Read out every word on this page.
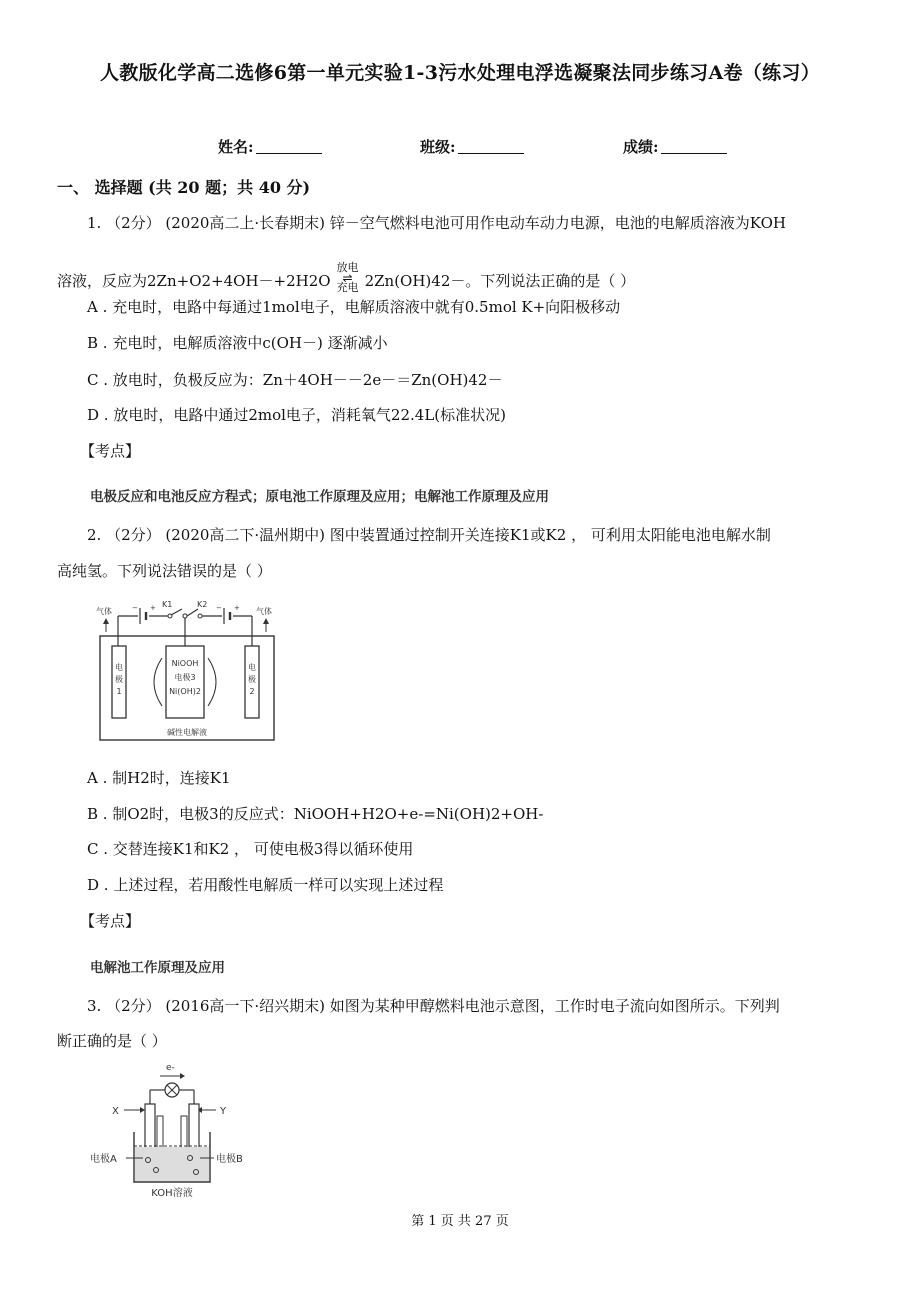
人教版化学高二选修6第一单元实验1-3污水处理电浮选凝聚法同步练习A卷（练习）
姓名:	班级:	成绩:
一、 选择题 (共 20 题；共 40 分)
1. （2分） (2020高二上·长春期末) 锌－空气燃料电池可用作电动车动力电源，电池的电解质溶液为KOH
溶液，反应为2Zn+O2+4OH－+2H2O
放电
⇌
充电 2Zn(OH)42－。下列说法正确的是（ ）
A . 充电时，电路中每通过1mol电子，电解质溶液中就有0.5mol K+向阳极移动
B . 充电时，电解质溶液中c(OH－) 逐渐减小
C . 放电时，负极反应为：Zn＋4OH－－2e－＝Zn(OH)42－
D . 放电时，电路中通过2mol电子，消耗氧气22.4L(标准状况)
【考点】
电极反应和电池反应方程式；原电池工作原理及应用；电解池工作原理及应用
2. （2分） (2020高二下·温州期中) 图中装置通过控制开关连接K1或K2 ， 可利用太阳能电池电解水制
高纯氢。下列说法错误的是（ ）
− +	− +
K1	K2
气体	气体
电
极
1
NiOOH
电极3
Ni(OH)2
电
极
2
碱性电解液
A . 制H2时，连接K1
B . 制O2时，电极3的反应式：NiOOH+H2O+e-=Ni(OH)2+OH-
C . 交替连接K1和K2 ， 可使电极3得以循环使用
D . 上述过程，若用酸性电解质一样可以实现上述过程
【考点】
电解池工作原理及应用
3. （2分） (2016高一下·绍兴期末) 如图为某种甲醇燃料电池示意图，工作时电子流向如图所示。下列判
断正确的是（ ）
e-
X	Y
电极A	电极B
KOH溶液
第 1 页 共 27 页
